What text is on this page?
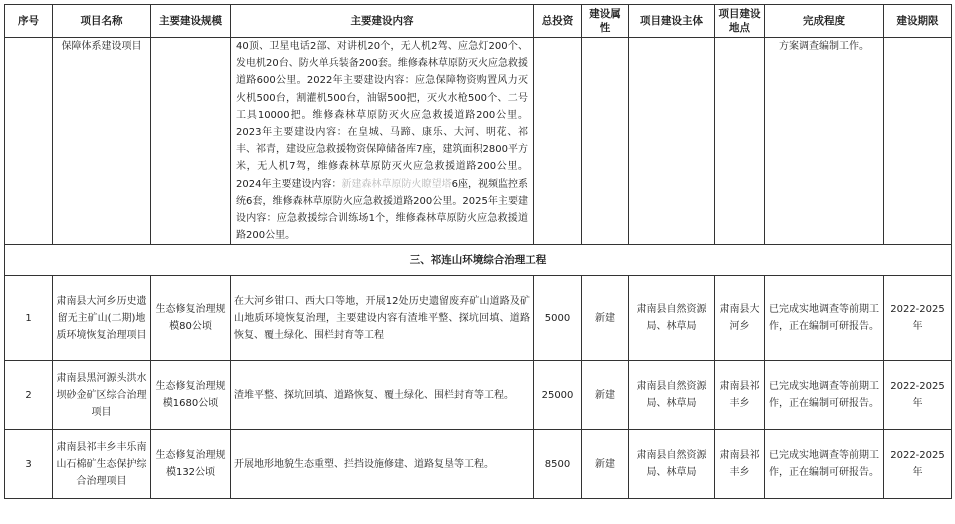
序号	项目名称	主要建设规模	主要建设内容	总投资	建设属性	项目建设主体	项目建设地点	完成程度	建设期限
	保障体系建设项目		40顶、卫星电话2部、对讲机20个，无人机2驾、应急灯200个、发电机20台、防火单兵装备200套。维修森林草原防灭火应急救援道路600公里。2022年主要建设内容：应急保障物资购置风力灭火机500台，割灌机500台，油锯500把，灭火水枪500个、二号工具10000把。维修森林草原防灭火应急救援道路200公里。2023年主要建设内容：在皇城、马蹄、康乐、大河、明花、祁丰、祁青，建设应急救援物资保障储备库7座，建筑面积2800平方米，无人机7驾，维修森林草原防灭火应急救援道路200公里。2024年主要建设内容：新建森林草原防火瞭望塔6座，视频监控系统6套，维修森林草原防火应急救援道路200公里。2025年主要建设内容：应急救援综合训练场1个，维修森林草原防火应急救援道路200公里。					方案调查编制工作。	
三、祁连山环境综合治理工程									
1	肃南县大河乡历史遗留无主矿山(二期)地质环境恢复治理项目	生态修复治理规模80公顷	在大河乡钳口、西大口等地，开展12处历史遗留废弃矿山道路及矿山地质环境恢复治理，主要建设内容有渣堆平整、探坑回填、道路恢复、覆土绿化、围栏封育等工程	5000	新建	肃南县自然资源局、林草局	肃南县大河乡	已完成实地调查等前期工作，正在编制可研报告。	2022-2025年
2	肃南县黑河源头洪水坝砂金矿区综合治理项目	生态修复治理规模1680公顷	渣堆平整、探坑回填、道路恢复、覆土绿化、围栏封育等工程。	25000	新建	肃南县自然资源局、林草局	肃南县祁丰乡	已完成实地调查等前期工作，正在编制可研报告。	2022-2025年
3	肃南县祁丰乡丰乐南山石棉矿生态保护综合治理项目	生态修复治理规模132公顷	开展地形地貌生态重塑、拦挡设施修建、道路复垦等工程。	8500	新建	肃南县自然资源局、林草局	肃南县祁丰乡	已完成实地调查等前期工作，正在编制可研报告。	2022-2025年
